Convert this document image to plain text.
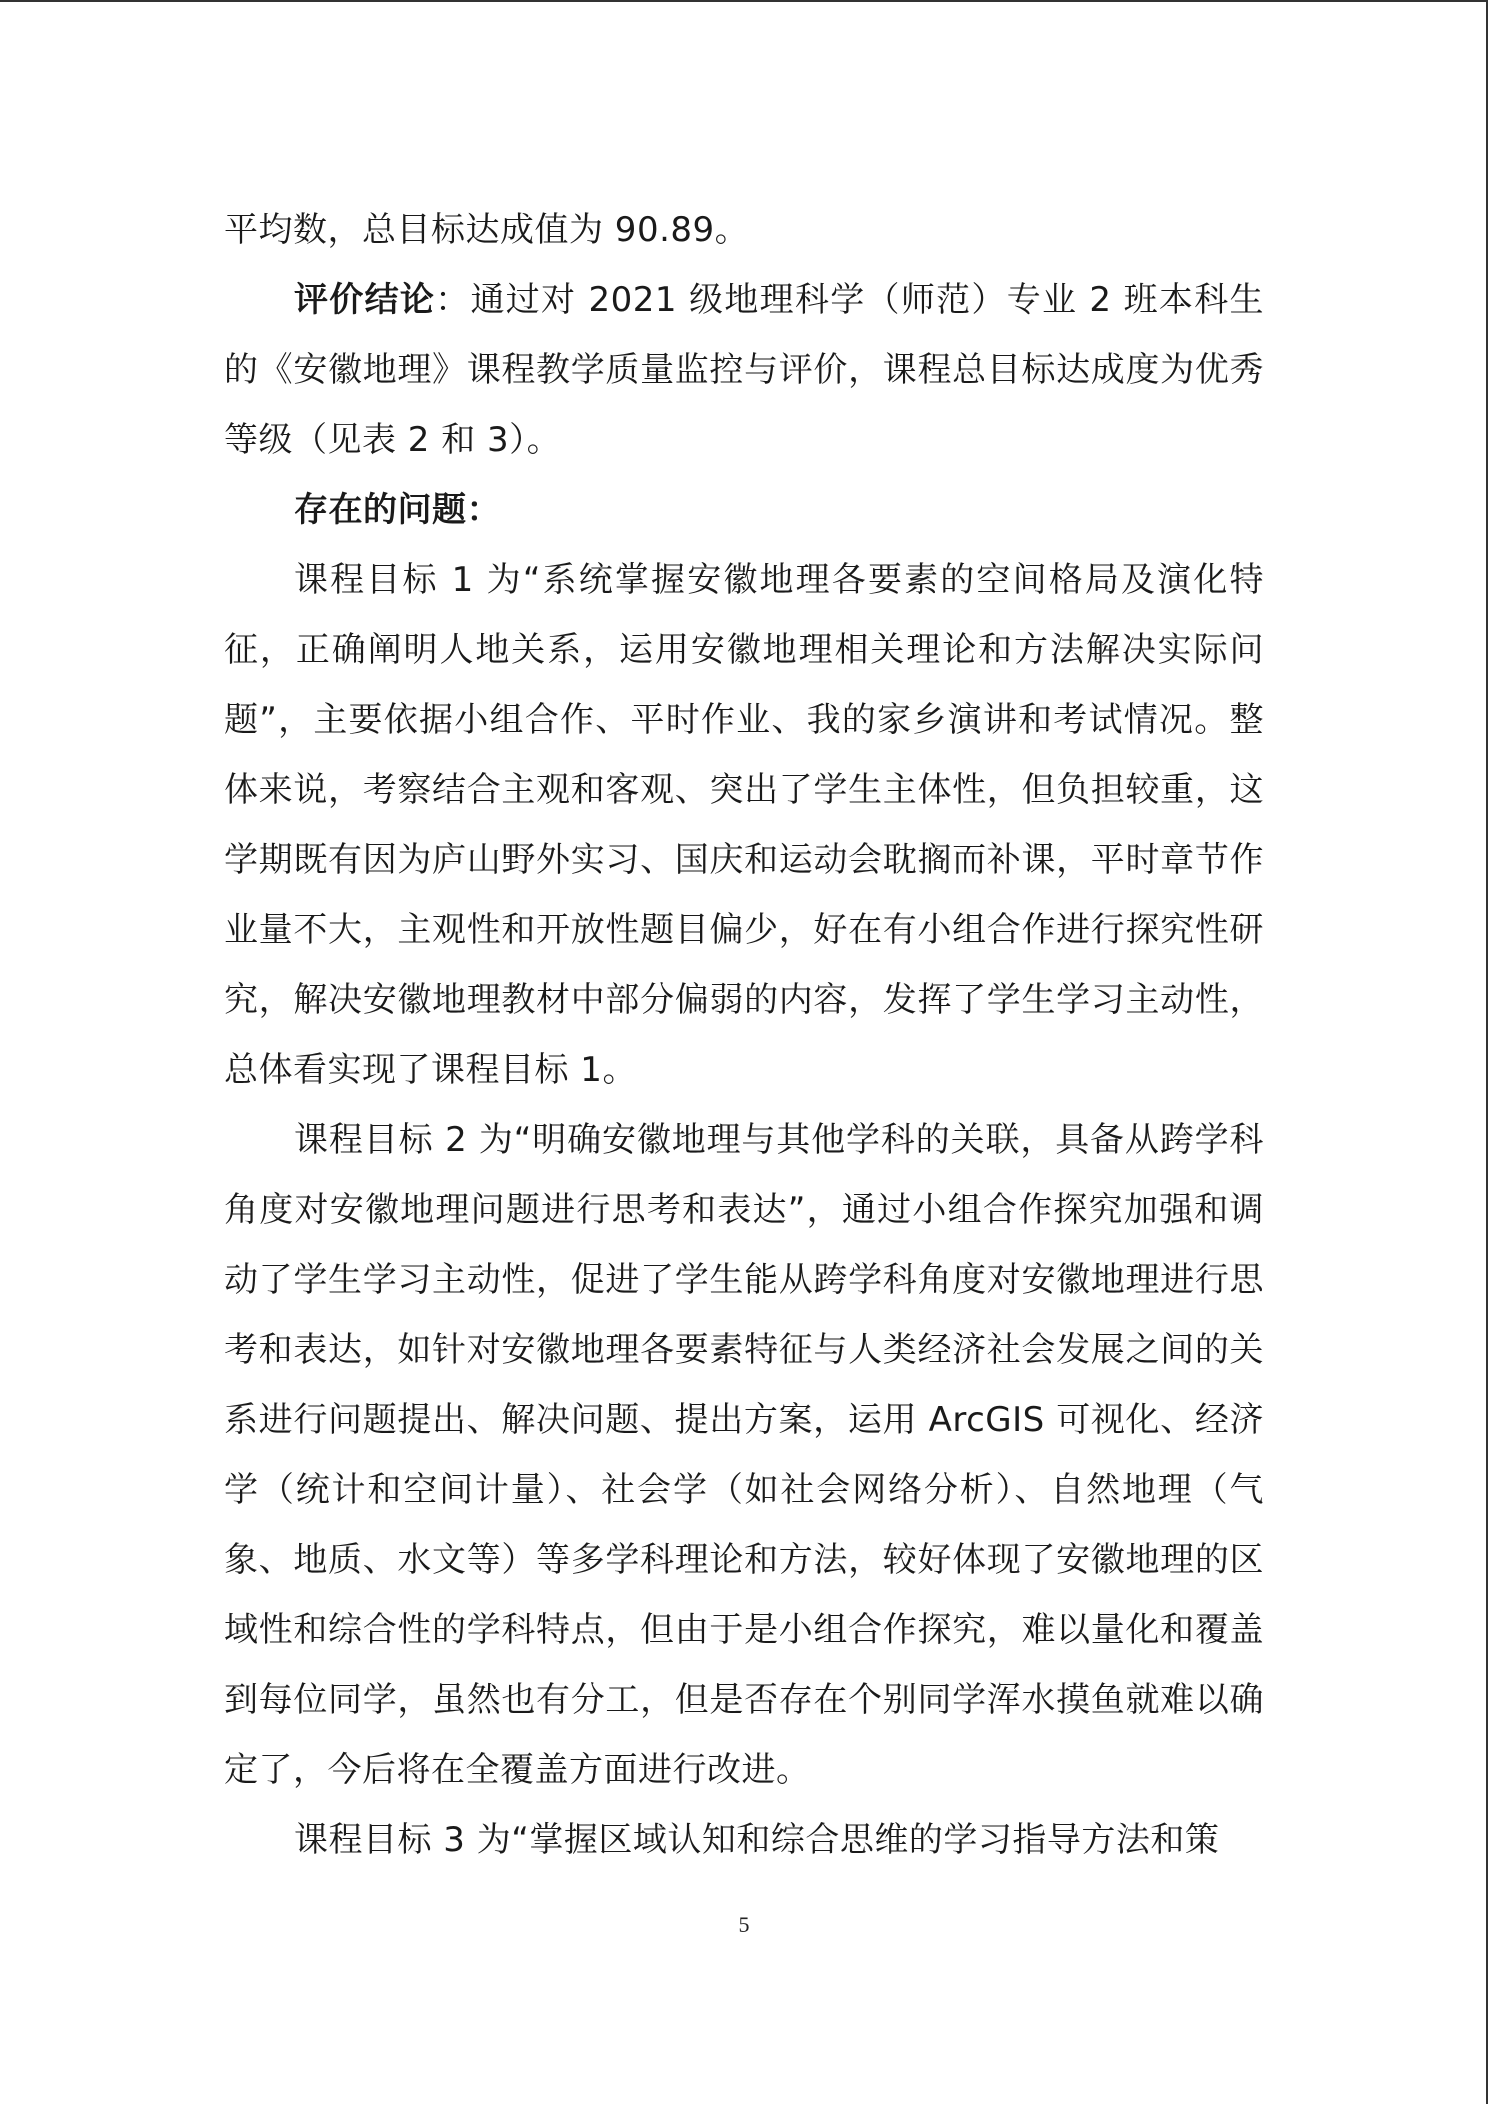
平均数，总目标达成值为 90.89。

评价结论：通过对 2021 级地理科学（师范）专业 2 班本科生的《安徽地理》课程教学质量监控与评价，课程总目标达成度为优秀等级（见表 2 和 3）。

存在的问题：

课程目标 1 为“系统掌握安徽地理各要素的空间格局及演化特征，正确阐明人地关系，运用安徽地理相关理论和方法解决实际问题”，主要依据小组合作、平时作业、我的家乡演讲和考试情况。整体来说，考察结合主观和客观、突出了学生主体性，但负担较重，这学期既有因为庐山野外实习、国庆和运动会耽搁而补课，平时章节作业量不大，主观性和开放性题目偏少，好在有小组合作进行探究性研究，解决安徽地理教材中部分偏弱的内容，发挥了学生学习主动性，总体看实现了课程目标 1。

课程目标 2 为“明确安徽地理与其他学科的关联，具备从跨学科角度对安徽地理问题进行思考和表达”，通过小组合作探究加强和调动了学生学习主动性，促进了学生能从跨学科角度对安徽地理进行思考和表达，如针对安徽地理各要素特征与人类经济社会发展之间的关系进行问题提出、解决问题、提出方案，运用 ArcGIS 可视化、经济学（统计和空间计量）、社会学（如社会网络分析）、自然地理（气象、地质、水文等）等多学科理论和方法，较好体现了安徽地理的区域性和综合性的学科特点，但由于是小组合作探究，难以量化和覆盖到每位同学，虽然也有分工，但是否存在个别同学浑水摸鱼就难以确定了，今后将在全覆盖方面进行改进。

课程目标 3 为“掌握区域认知和综合思维的学习指导方法和策

5
